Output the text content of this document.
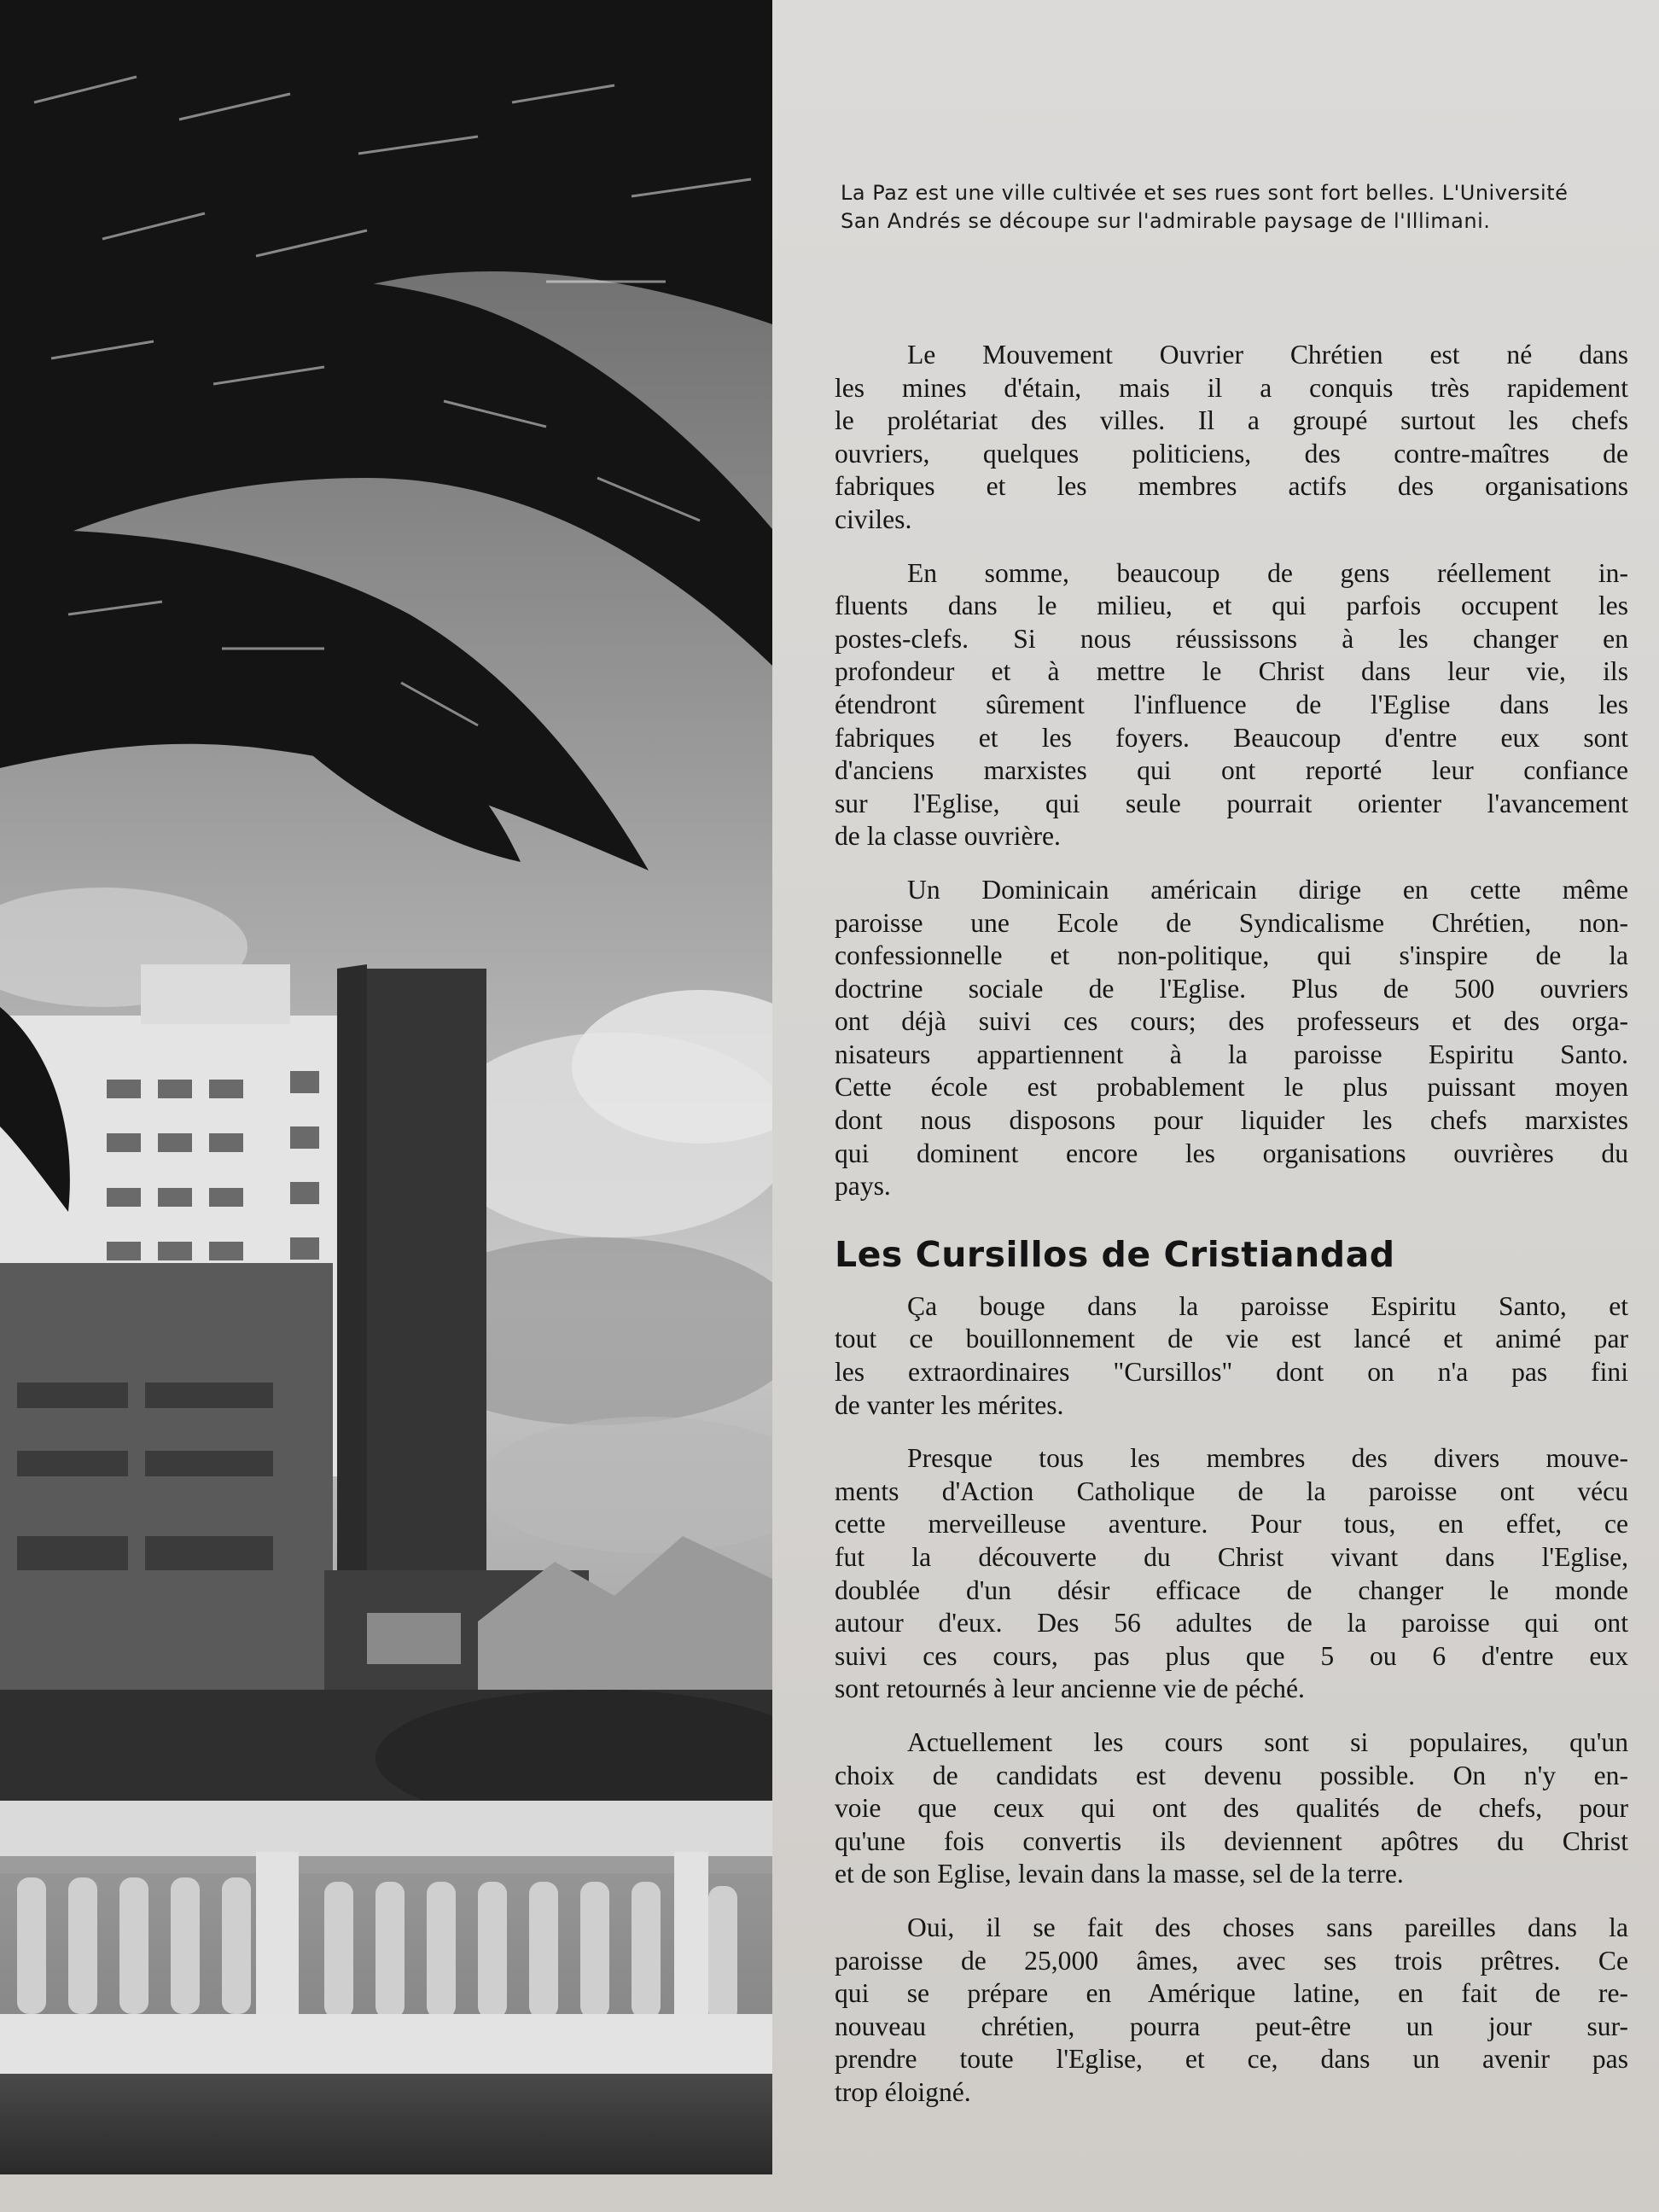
La Paz est une ville cultivée et ses rues sont fort belles. L'Université
San Andrés se découpe sur l'admirable paysage de l'Illimani.
Le Mouvement Ouvrier Chrétien est né dans
les mines d'étain, mais il a conquis très rapidement
le prolétariat des villes. Il a groupé surtout les chefs
ouvriers, quelques politiciens, des contre-maîtres de
fabriques et les membres actifs des organisations
civiles.
En somme, beaucoup de gens réellement in-
fluents dans le milieu, et qui parfois occupent les
postes-clefs. Si nous réussissons à les changer en
profondeur et à mettre le Christ dans leur vie, ils
étendront sûrement l'influence de l'Eglise dans les
fabriques et les foyers. Beaucoup d'entre eux sont
d'anciens marxistes qui ont reporté leur confiance
sur l'Eglise, qui seule pourrait orienter l'avancement
de la classe ouvrière.
Un Dominicain américain dirige en cette même
paroisse une Ecole de Syndicalisme Chrétien, non-
confessionnelle et non-politique, qui s'inspire de la
doctrine sociale de l'Eglise. Plus de 500 ouvriers
ont déjà suivi ces cours; des professeurs et des orga-
nisateurs appartiennent à la paroisse Espiritu Santo.
Cette école est probablement le plus puissant moyen
dont nous disposons pour liquider les chefs marxistes
qui dominent encore les organisations ouvrières du
pays.
Les Cursillos de Cristiandad
Ça bouge dans la paroisse Espiritu Santo, et
tout ce bouillonnement de vie est lancé et animé par
les extraordinaires "Cursillos" dont on n'a pas fini
de vanter les mérites.
Presque tous les membres des divers mouve-
ments d'Action Catholique de la paroisse ont vécu
cette merveilleuse aventure. Pour tous, en effet, ce
fut la découverte du Christ vivant dans l'Eglise,
doublée d'un désir efficace de changer le monde
autour d'eux. Des 56 adultes de la paroisse qui ont
suivi ces cours, pas plus que 5 ou 6 d'entre eux
sont retournés à leur ancienne vie de péché.
Actuellement les cours sont si populaires, qu'un
choix de candidats est devenu possible. On n'y en-
voie que ceux qui ont des qualités de chefs, pour
qu'une fois convertis ils deviennent apôtres du Christ
et de son Eglise, levain dans la masse, sel de la terre.
Oui, il se fait des choses sans pareilles dans la
paroisse de 25,000 âmes, avec ses trois prêtres. Ce
qui se prépare en Amérique latine, en fait de re-
nouveau chrétien, pourra peut-être un jour sur-
prendre toute l'Eglise, et ce, dans un avenir pas
trop éloigné.
